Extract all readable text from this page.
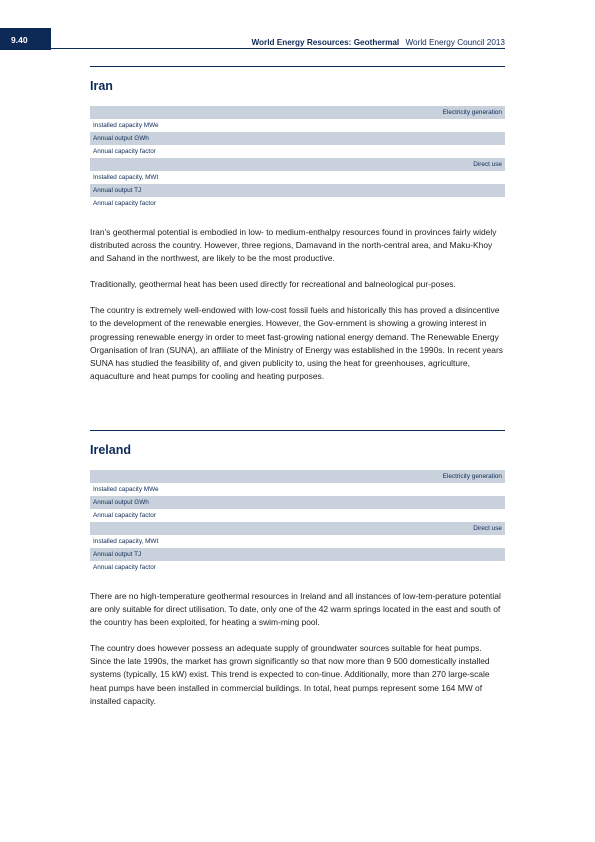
9.40	World Energy Resources: Geothermal World Energy Council 2013
Iran
Electricity generation
Installed capacity MWe
Annual output GWh
Annual capacity factor
Direct use
Installed capacity, MWt
Annual output TJ
Annual capacity factor

Iran’s geothermal potential is embodied in low- to medium-enthalpy resources found in provinces fairly widely distributed across the country. However, three regions, Damavand in the north-central area, and Maku-Khoy and Sahand in the northwest, are likely to be the most productive.

Traditionally, geothermal heat has been used directly for recreational and balneological pur-poses.

The country is extremely well-endowed with low-cost fossil fuels and historically this has proved a disincentive to the development of the renewable energies. However, the Gov-ernment is showing a growing interest in progressing renewable energy in order to meet fast-growing national energy demand. The Renewable Energy Organisation of Iran (SUNA), an affiliate of the Ministry of Energy was established in the 1990s. In recent years SUNA has studied the feasibility of, and given publicity to, using the heat for greenhouses, agriculture, aquaculture and heat pumps for cooling and heating purposes.

Ireland
Electricity generation
Installed capacity MWe
Annual output GWh
Annual capacity factor
Direct use
Installed capacity, MWt
Annual output TJ
Annual capacity factor

There are no high-temperature geothermal resources in Ireland and all instances of low-tem-perature potential are only suitable for direct utilisation. To date, only one of the 42 warm springs located in the east and south of the country has been exploited, for heating a swim-ming pool.

The country does however possess an adequate supply of groundwater sources suitable for heat pumps. Since the late 1990s, the market has grown significantly so that now more than 9 500 domestically installed systems (typically, 15 kW) exist. This trend is expected to con-tinue. Additionally, more than 270 large-scale heat pumps have been installed in commercial buildings. In total, heat pumps represent some 164 MW of installed capacity.
